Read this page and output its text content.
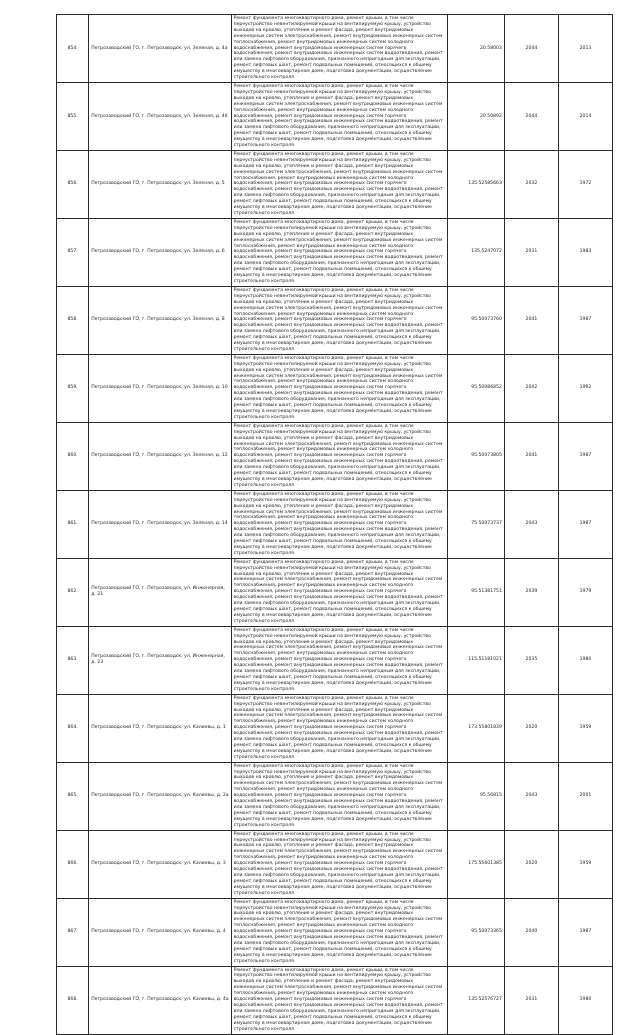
854.	Петрозаводский ГО, г. Петрозаводск, ул. Зеленая, д. 4а	Ремонт фундамента многоквартирного дома, ремонт крыши, в том числе переустройство невентилируемой крыши на вентилируемую крышу, устройство выходов на кровлю, утепление и ремонт фасада, ремонт внутридомовых инженерных систем электроснабжения, ремонт внутридомовых инженерных систем теплоснабжения, ремонт внутридомовых инженерных систем холодного водоснабжения, ремонт внутридомовых инженерных систем горячего водоснабжения, ремонт внутридомовых инженерных систем водоотведения, ремонт или замена лифтового оборудования, признанного непригодным для эксплуатации, ремонт лифтовых шахт, ремонт подвальных помещений, относящихся к общему имуществу в многоквартирном доме, подготовка документации, осуществление строительного контроля	20.58003	2044	2013
855.	Петрозаводский ГО, г. Петрозаводск, ул. Зеленая, д. 4б	Ремонт фундамента многоквартирного дома, ремонт крыши, в том числе переустройство невентилируемой крыши на вентилируемую крышу, устройство выходов на кровлю, утепление и ремонт фасада, ремонт внутридомовых инженерных систем электроснабжения, ремонт внутридомовых инженерных систем теплоснабжения, ремонт внутридомовых инженерных систем холодного водоснабжения, ремонт внутридомовых инженерных систем горячего водоснабжения, ремонт внутридомовых инженерных систем водоотведения, ремонт или замена лифтового оборудования, признанного непригодным для эксплуатации, ремонт лифтовых шахт, ремонт подвальных помещений, относящихся к общему имуществу в многоквартирном доме, подготовка документации, осуществление строительного контроля	20.50892	2044	2014
856.	Петрозаводский ГО, г. Петрозаводск, ул. Зеленая, д. 5	Ремонт фундамента многоквартирного дома, ремонт крыши, в том числе переустройство невентилируемой крыши на вентилируемую крышу, устройство выходов на кровлю, утепление и ремонт фасада, ремонт внутридомовых инженерных систем электроснабжения, ремонт внутридомовых инженерных систем теплоснабжения, ремонт внутридомовых инженерных систем холодного водоснабжения, ремонт внутридомовых инженерных систем горячего водоснабжения, ремонт внутридомовых инженерных систем водоотведения, ремонт или замена лифтового оборудования, признанного непригодным для эксплуатации, ремонт лифтовых шахт, ремонт подвальных помещений, относящихся к общему имуществу в многоквартирном доме, подготовка документации, осуществление строительного контроля	135.52585663	2032	1972
857.	Петрозаводский ГО, г. Петрозаводск, ул. Зеленая, д. 6	Ремонт фундамента многоквартирного дома, ремонт крыши, в том числе переустройство невентилируемой крыши на вентилируемую крышу, устройство выходов на кровлю, утепление и ремонт фасада, ремонт внутридомовых инженерных систем электроснабжения, ремонт внутридомовых инженерных систем теплоснабжения, ремонт внутридомовых инженерных систем холодного водоснабжения, ремонт внутридомовых инженерных систем горячего водоснабжения, ремонт внутридомовых инженерных систем водоотведения, ремонт или замена лифтового оборудования, признанного непригодным для эксплуатации, ремонт лифтовых шахт, ремонт подвальных помещений, относящихся к общему имуществу в многоквартирном доме, подготовка документации, осуществление строительного контроля	135.5247072	2031	1983
858.	Петрозаводский ГО, г. Петрозаводск, ул. Зеленая, д. 8	Ремонт фундамента многоквартирного дома, ремонт крыши, в том числе переустройство невентилируемой крыши на вентилируемую крышу, устройство выходов на кровлю, утепление и ремонт фасада, ремонт внутридомовых инженерных систем электроснабжения, ремонт внутридомовых инженерных систем теплоснабжения, ремонт внутридомовых инженерных систем холодного водоснабжения, ремонт внутридомовых инженерных систем горячего водоснабжения, ремонт внутридомовых инженерных систем водоотведения, ремонт или замена лифтового оборудования, признанного непригодным для эксплуатации, ремонт лифтовых шахт, ремонт подвальных помещений, относящихся к общему имуществу в многоквартирном доме, подготовка документации, осуществление строительного контроля	95.50073760	2041	1987
859.	Петрозаводский ГО, г. Петрозаводск, ул. Зеленая, д. 10	Ремонт фундамента многоквартирного дома, ремонт крыши, в том числе переустройство невентилируемой крыши на вентилируемую крышу, устройство выходов на кровлю, утепление и ремонт фасада, ремонт внутридомовых инженерных систем электроснабжения, ремонт внутридомовых инженерных систем теплоснабжения, ремонт внутридомовых инженерных систем холодного водоснабжения, ремонт внутридомовых инженерных систем горячего водоснабжения, ремонт внутридомовых инженерных систем водоотведения, ремонт или замена лифтового оборудования, признанного непригодным для эксплуатации, ремонт лифтовых шахт, ремонт подвальных помещений, относящихся к общему имуществу в многоквартирном доме, подготовка документации, осуществление строительного контроля	95.50086852	2042	1992
860.	Петрозаводский ГО, г. Петрозаводск, ул. Зеленая, д. 12	Ремонт фундамента многоквартирного дома, ремонт крыши, в том числе переустройство невентилируемой крыши на вентилируемую крышу, устройство выходов на кровлю, утепление и ремонт фасада, ремонт внутридомовых инженерных систем электроснабжения, ремонт внутридомовых инженерных систем теплоснабжения, ремонт внутридомовых инженерных систем холодного водоснабжения, ремонт внутридомовых инженерных систем горячего водоснабжения, ремонт внутридомовых инженерных систем водоотведения, ремонт или замена лифтового оборудования, признанного непригодным для эксплуатации, ремонт лифтовых шахт, ремонт подвальных помещений, относящихся к общему имуществу в многоквартирном доме, подготовка документации, осуществление строительного контроля	95.50073805	2041	1987
861.	Петрозаводский ГО, г. Петрозаводск, ул. Зеленая, д. 14	Ремонт фундамента многоквартирного дома, ремонт крыши, в том числе переустройство невентилируемой крыши на вентилируемую крышу, устройство выходов на кровлю, утепление и ремонт фасада, ремонт внутридомовых инженерных систем электроснабжения, ремонт внутридомовых инженерных систем теплоснабжения, ремонт внутридомовых инженерных систем холодного водоснабжения, ремонт внутридомовых инженерных систем горячего водоснабжения, ремонт внутридомовых инженерных систем водоотведения, ремонт или замена лифтового оборудования, признанного непригодным для эксплуатации, ремонт лифтовых шахт, ремонт подвальных помещений, относящихся к общему имуществу в многоквартирном доме, подготовка документации, осуществление строительного контроля	75.50073737	2043	1987
862.	Петрозаводский ГО, г. Петрозаводск, ул. Инженерная, д. 21	Ремонт фундамента многоквартирного дома, ремонт крыши, в том числе переустройство невентилируемой крыши на вентилируемую крышу, устройство выходов на кровлю, утепление и ремонт фасада, ремонт внутридомовых инженерных систем электроснабжения, ремонт внутридомовых инженерных систем теплоснабжения, ремонт внутридомовых инженерных систем холодного водоснабжения, ремонт внутридомовых инженерных систем горячего водоснабжения, ремонт внутридомовых инженерных систем водоотведения, ремонт или замена лифтового оборудования, признанного непригодным для эксплуатации, ремонт лифтовых шахт, ремонт подвальных помещений, относящихся к общему имуществу в многоквартирном доме, подготовка документации, осуществление строительного контроля	95.51381751	2039	1979
863.	Петрозаводский ГО, г. Петрозаводск, ул. Инженерная, д. 23	Ремонт фундамента многоквартирного дома, ремонт крыши, в том числе переустройство невентилируемой крыши на вентилируемую крышу, устройство выходов на кровлю, утепление и ремонт фасада, ремонт внутридомовых инженерных систем электроснабжения, ремонт внутридомовых инженерных систем теплоснабжения, ремонт внутридомовых инженерных систем холодного водоснабжения, ремонт внутридомовых инженерных систем горячего водоснабжения, ремонт внутридомовых инженерных систем водоотведения, ремонт или замена лифтового оборудования, признанного непригодным для эксплуатации, ремонт лифтовых шахт, ремонт подвальных помещений, относящихся к общему имуществу в многоквартирном доме, подготовка документации, осуществление строительного контроля	115.51181021	2035	1980
864.	Петрозаводский ГО, г. Петрозаводск, ул. Калиевы, д. 1	Ремонт фундамента многоквартирного дома, ремонт крыши, в том числе переустройство невентилируемой крыши на вентилируемую крышу, устройство выходов на кровлю, утепление и ремонт фасада, ремонт внутридомовых инженерных систем электроснабжения, ремонт внутридомовых инженерных систем теплоснабжения, ремонт внутридомовых инженерных систем холодного водоснабжения, ремонт внутридомовых инженерных систем горячего водоснабжения, ремонт внутридомовых инженерных систем водоотведения, ремонт или замена лифтового оборудования, признанного непригодным для эксплуатации, ремонт лифтовых шахт, ремонт подвальных помещений, относящихся к общему имуществу в многоквартирном доме, подготовка документации, осуществление строительного контроля	173.55801839	2020	1959
865.	Петрозаводский ГО, г. Петрозаводск, ул. Калиевы, д. 2а	Ремонт фундамента многоквартирного дома, ремонт крыши, в том числе переустройство невентилируемой крыши на вентилируемую крышу, устройство выходов на кровлю, утепление и ремонт фасада, ремонт внутридомовых инженерных систем электроснабжения, ремонт внутридомовых инженерных систем теплоснабжения, ремонт внутридомовых инженерных систем холодного водоснабжения, ремонт внутридомовых инженерных систем горячего водоснабжения, ремонт внутридомовых инженерных систем водоотведения, ремонт или замена лифтового оборудования, признанного непригодным для эксплуатации, ремонт лифтовых шахт, ремонт подвальных помещений, относящихся к общему имуществу в многоквартирном доме, подготовка документации, осуществление строительного контроля	95.56815	2043	2001
866.	Петрозаводский ГО, г. Петрозаводск, ул. Калиевы, д. 3	Ремонт фундамента многоквартирного дома, ремонт крыши, в том числе переустройство невентилируемой крыши на вентилируемую крышу, устройство выходов на кровлю, утепление и ремонт фасада, ремонт внутридомовых инженерных систем электроснабжения, ремонт внутридомовых инженерных систем теплоснабжения, ремонт внутридомовых инженерных систем холодного водоснабжения, ремонт внутридомовых инженерных систем горячего водоснабжения, ремонт внутридомовых инженерных систем водоотведения, ремонт или замена лифтового оборудования, признанного непригодным для эксплуатации, ремонт лифтовых шахт, ремонт подвальных помещений, относящихся к общему имуществу в многоквартирном доме, подготовка документации, осуществление строительного контроля	175.55601385	2020	1959
867.	Петрозаводский ГО, г. Петрозаводск, ул. Калиевы, д. 4	Ремонт фундамента многоквартирного дома, ремонт крыши, в том числе переустройство невентилируемой крыши на вентилируемую крышу, устройство выходов на кровлю, утепление и ремонт фасада, ремонт внутридомовых инженерных систем электроснабжения, ремонт внутридомовых инженерных систем теплоснабжения, ремонт внутридомовых инженерных систем холодного водоснабжения, ремонт внутридомовых инженерных систем горячего водоснабжения, ремонт внутридомовых инженерных систем водоотведения, ремонт или замена лифтового оборудования, признанного непригодным для эксплуатации, ремонт лифтовых шахт, ремонт подвальных помещений, относящихся к общему имуществу в многоквартирном доме, подготовка документации, осуществление строительного контроля	95.50073365	2040	1987
868.	Петрозаводский ГО, г. Петрозаводск, ул. Калиевы, д. 4а	Ремонт фундамента многоквартирного дома, ремонт крыши, в том числе переустройство невентилируемой крыши на вентилируемую крышу, устройство выходов на кровлю, утепление и ремонт фасада, ремонт внутридомовых инженерных систем электроснабжения, ремонт внутридомовых инженерных систем теплоснабжения, ремонт внутридомовых инженерных систем холодного водоснабжения, ремонт внутридомовых инженерных систем горячего водоснабжения, ремонт внутридомовых инженерных систем водоотведения, ремонт или замена лифтового оборудования, признанного непригодным для эксплуатации, ремонт лифтовых шахт, ремонт подвальных помещений, относящихся к общему имуществу в многоквартирном доме, подготовка документации, осуществление строительного контроля	135.52576727	2031	1980
